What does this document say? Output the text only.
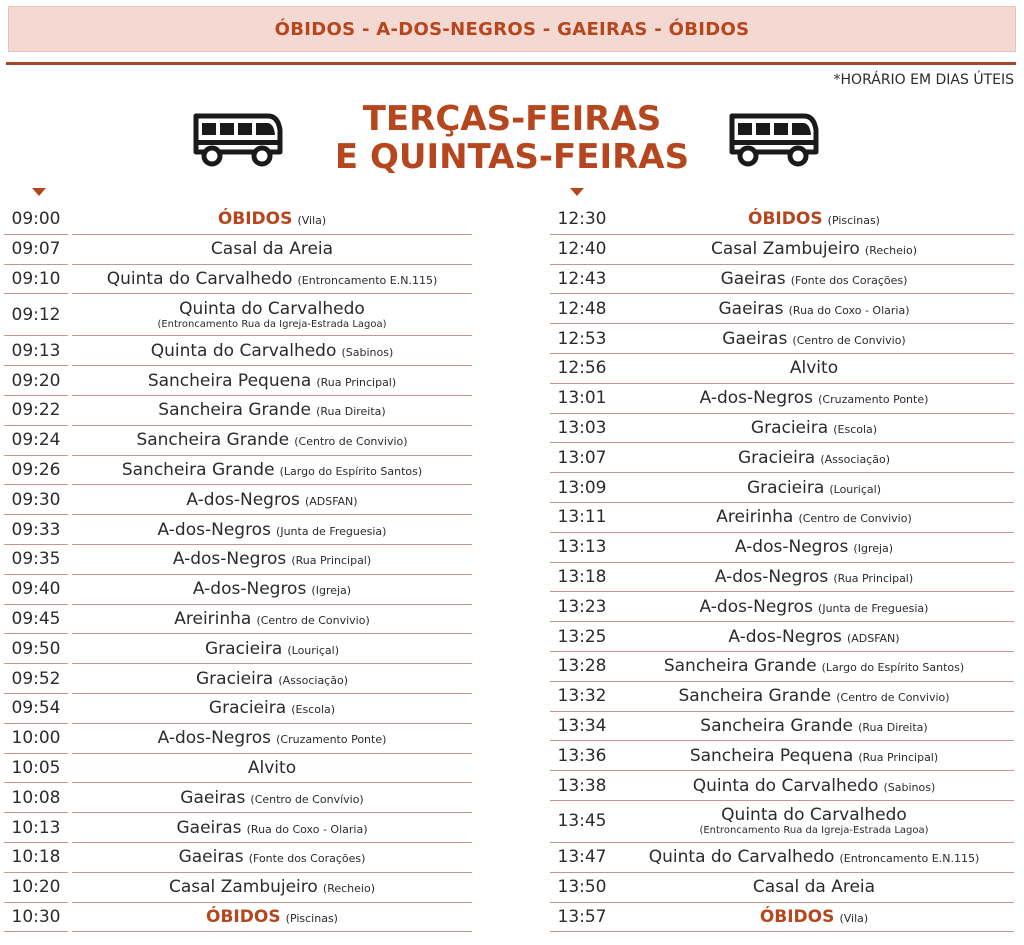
ÓBIDOS - A-DOS-NEGROS - GAEIRAS - ÓBIDOS
*HORÁRIO EM DIAS ÚTEIS
TERÇAS-FEIRAS
E QUINTAS-FEIRAS
09:00	ÓBIDOS (Vila)
09:07	Casal da Areia
09:10	Quinta do Carvalhedo (Entroncamento E.N.115)
09:12	Quinta do Carvalhedo
(Entroncamento Rua da Igreja-Estrada Lagoa)
09:13	Quinta do Carvalhedo (Sabinos)
09:20	Sancheira Pequena (Rua Principal)
09:22	Sancheira Grande (Rua Direita)
09:24	Sancheira Grande (Centro de Convivio)
09:26	Sancheira Grande (Largo do Espírito Santos)
09:30	A-dos-Negros (ADSFAN)
09:33	A-dos-Negros (Junta de Freguesia)
09:35	A-dos-Negros (Rua Principal)
09:40	A-dos-Negros (Igreja)
09:45	Areirinha (Centro de Convivio)
09:50	Gracieira (Louriçal)
09:52	Gracieira (Associação)
09:54	Gracieira (Escola)
10:00	A-dos-Negros (Cruzamento Ponte)
10:05	Alvito
10:08	Gaeiras (Centro de Convívio)
10:13	Gaeiras (Rua do Coxo - Olaria)
10:18	Gaeiras (Fonte dos Corações)
10:20	Casal Zambujeiro (Recheio)
10:30	ÓBIDOS (Piscinas)
12:30	ÓBIDOS (Piscinas)
12:40	Casal Zambujeiro (Recheio)
12:43	Gaeiras (Fonte dos Corações)
12:48	Gaeiras (Rua do Coxo - Olaria)
12:53	Gaeiras (Centro de Convivio)
12:56	Alvito
13:01	A-dos-Negros (Cruzamento Ponte)
13:03	Gracieira (Escola)
13:07	Gracieira (Associação)
13:09	Gracieira (Louriçal)
13:11	Areirinha (Centro de Convivio)
13:13	A-dos-Negros (Igreja)
13:18	A-dos-Negros (Rua Principal)
13:23	A-dos-Negros (Junta de Freguesia)
13:25	A-dos-Negros (ADSFAN)
13:28	Sancheira Grande (Largo do Espírito Santos)
13:32	Sancheira Grande (Centro de Convivio)
13:34	Sancheira Grande (Rua Direita)
13:36	Sancheira Pequena (Rua Principal)
13:38	Quinta do Carvalhedo (Sabinos)
13:45	Quinta do Carvalhedo
(Entroncamento Rua da Igreja-Estrada Lagoa)
13:47	Quinta do Carvalhedo (Entroncamento E.N.115)
13:50	Casal da Areia
13:57	ÓBIDOS (Vila)
